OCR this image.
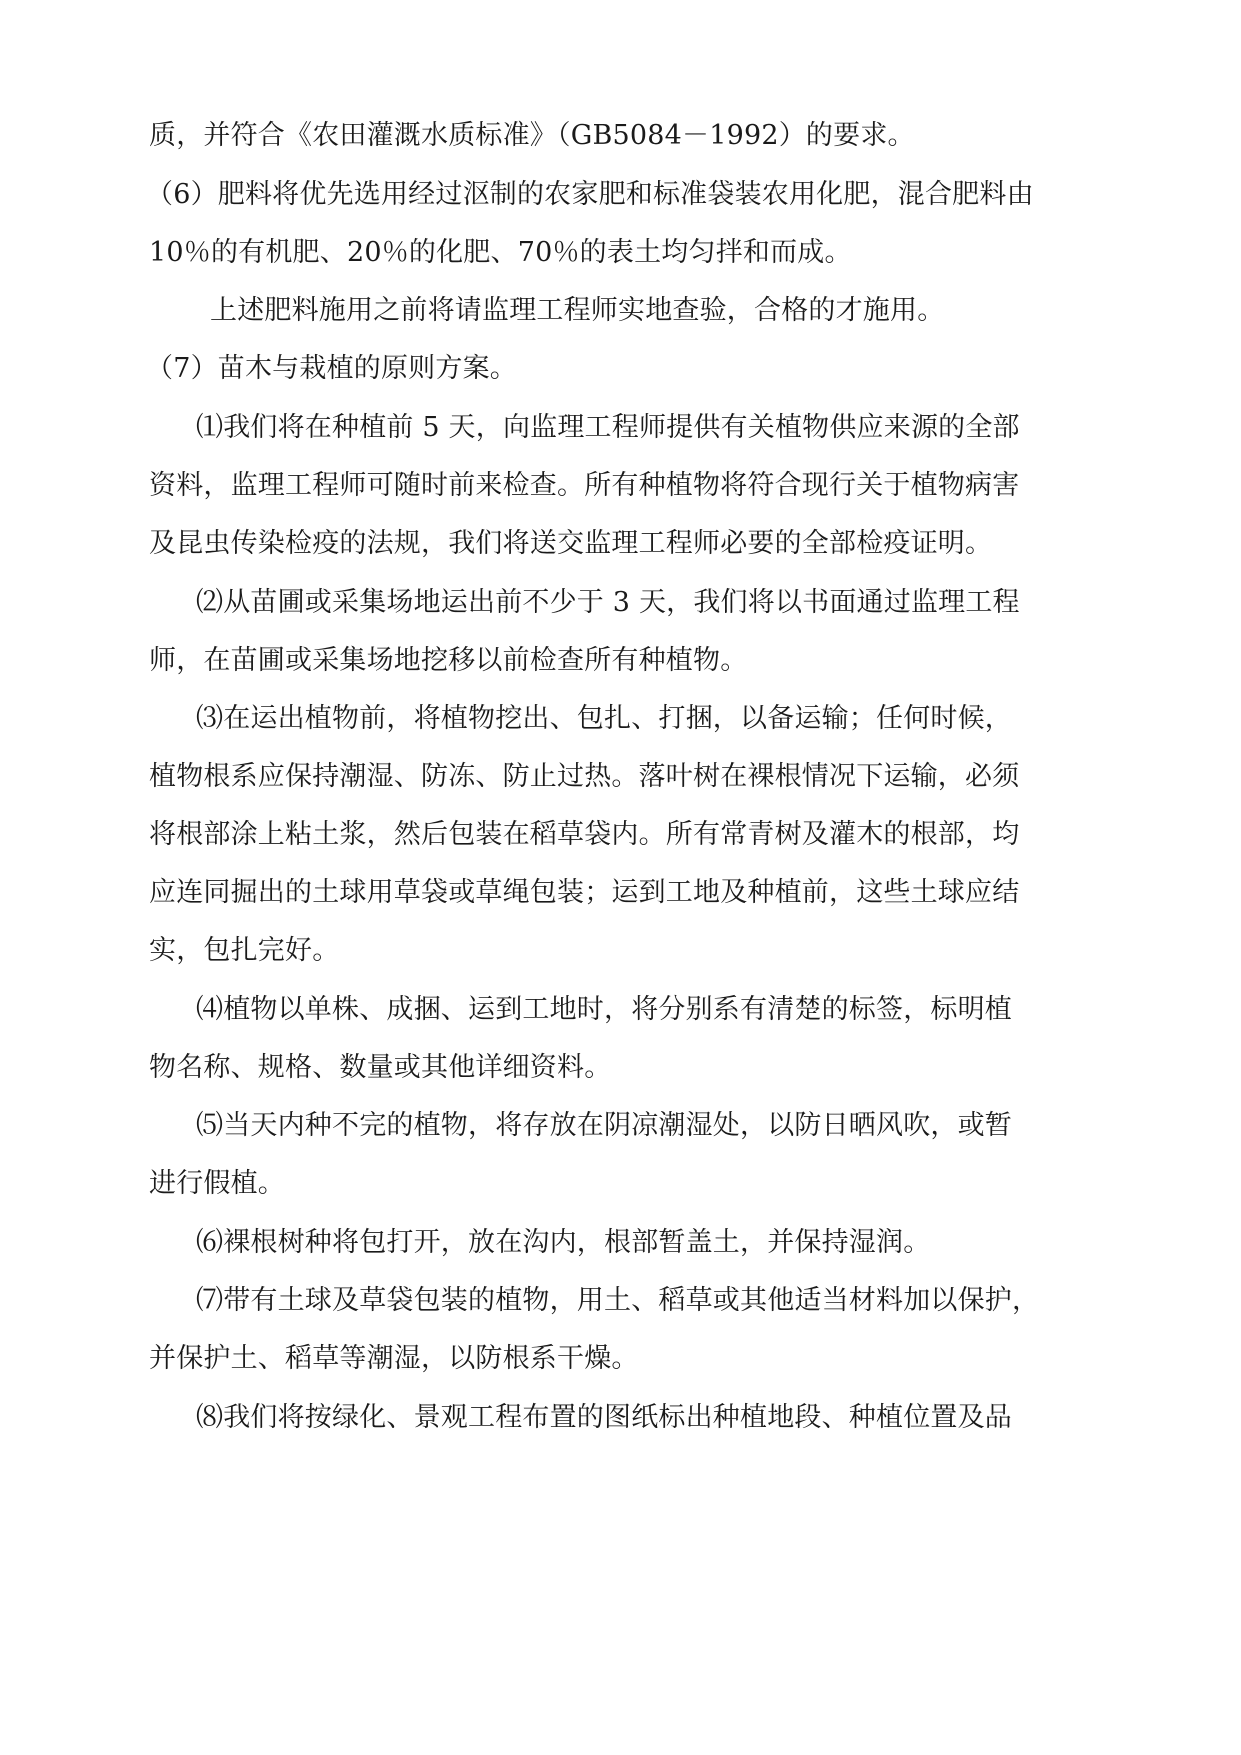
质，并符合《农田灌溉水质标准》（GB5084－1992）的要求。
（6）肥料将优先选用经过沤制的农家肥和标准袋装农用化肥，混合肥料由
10％的有机肥、20％的化肥、70％的表土均匀拌和而成。
上述肥料施用之前将请监理工程师实地查验，合格的才施用。
（7）苗木与栽植的原则方案。
⑴我们将在种植前 5 天，向监理工程师提供有关植物供应来源的全部
资料，监理工程师可随时前来检查。所有种植物将符合现行关于植物病害
及昆虫传染检疫的法规，我们将送交监理工程师必要的全部检疫证明。
⑵从苗圃或采集场地运出前不少于 3 天，我们将以书面通过监理工程
师，在苗圃或采集场地挖移以前检查所有种植物。
⑶在运出植物前，将植物挖出、包扎、打捆，以备运输；任何时候，
植物根系应保持潮湿、防冻、防止过热。落叶树在裸根情况下运输，必须
将根部涂上粘土浆，然后包装在稻草袋内。所有常青树及灌木的根部，均
应连同掘出的土球用草袋或草绳包装；运到工地及种植前，这些土球应结
实，包扎完好。
⑷植物以单株、成捆、运到工地时，将分别系有清楚的标签，标明植
物名称、规格、数量或其他详细资料。
⑸当天内种不完的植物，将存放在阴凉潮湿处，以防日晒风吹，或暂
进行假植。
⑹裸根树种将包打开，放在沟内，根部暂盖土，并保持湿润。
⑺带有土球及草袋包装的植物，用土、稻草或其他适当材料加以保护，
并保护土、稻草等潮湿，以防根系干燥。
⑻我们将按绿化、景观工程布置的图纸标出种植地段、种植位置及品
